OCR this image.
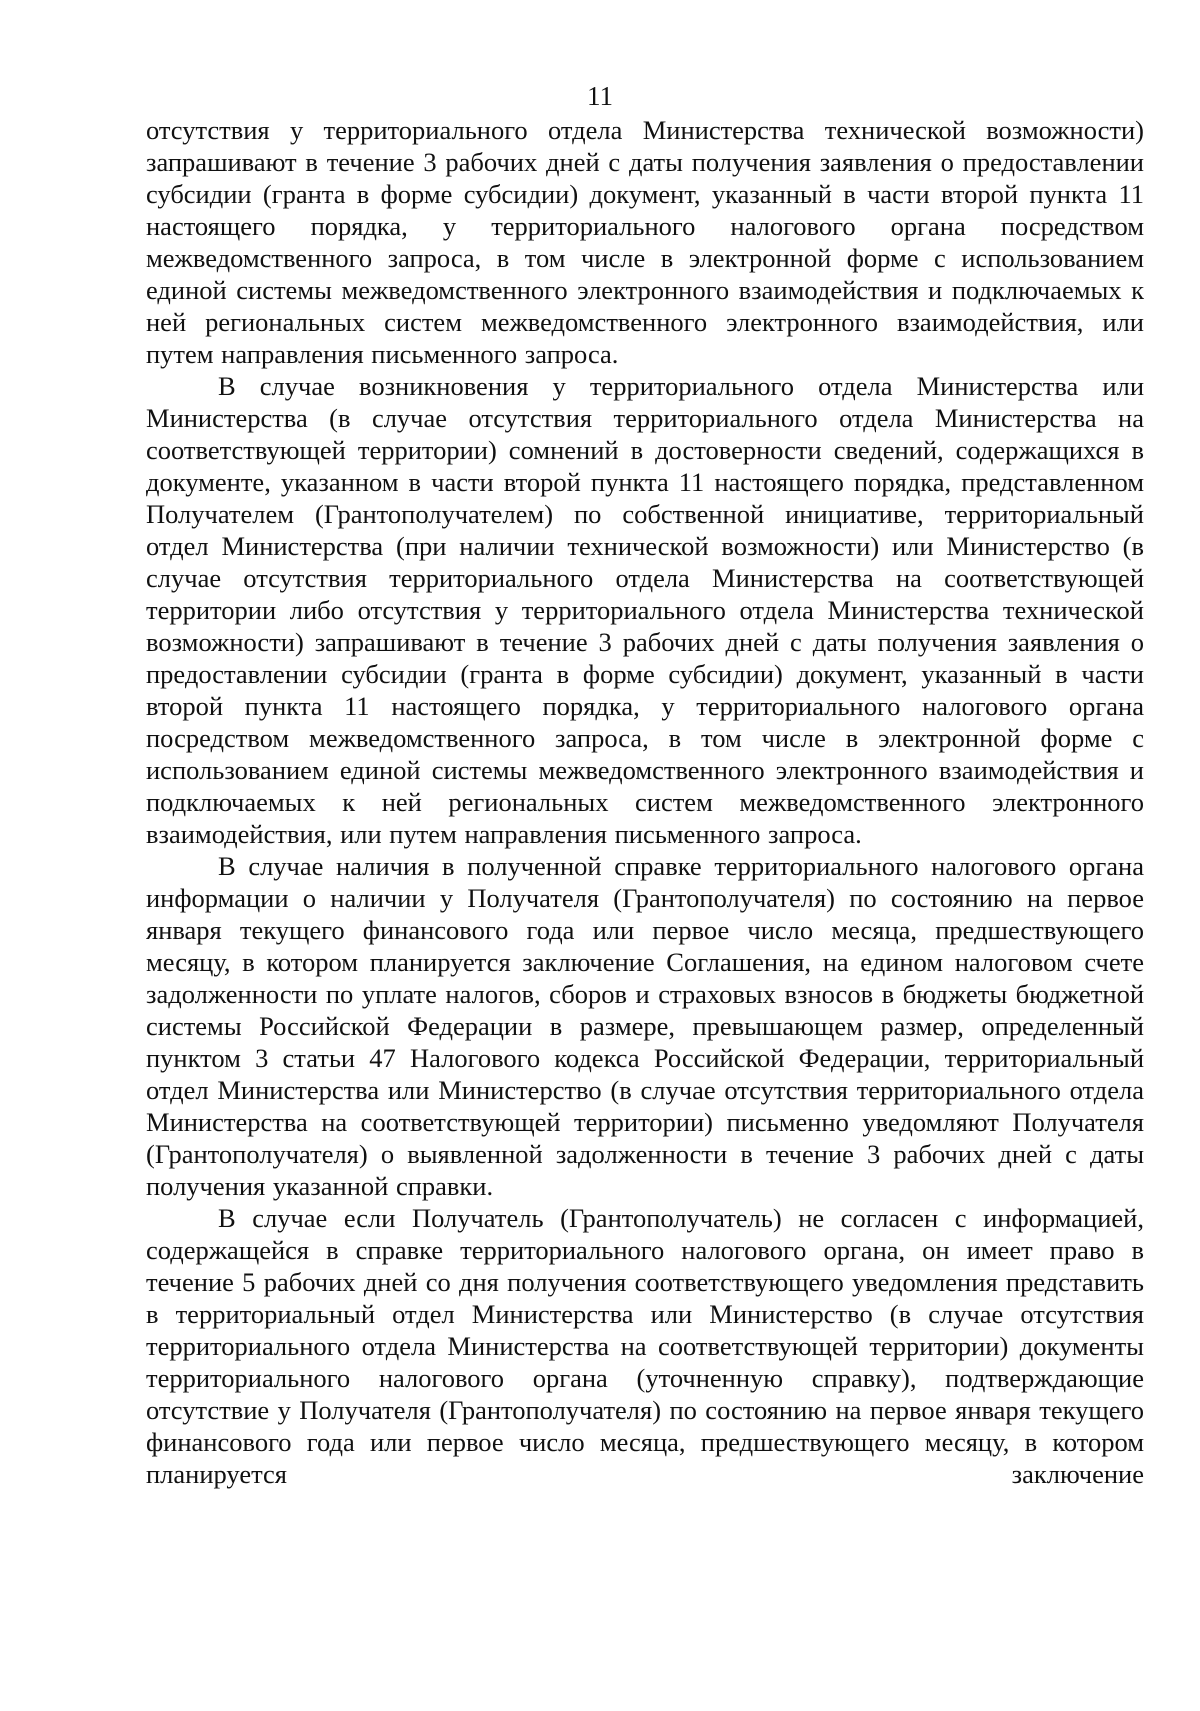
11

отсутствия у территориального отдела Министерства технической возможности) запрашивают в течение 3 рабочих дней с даты получения заявления о предоставлении субсидии (гранта в форме субсидии) документ, указанный в части второй пункта 11 настоящего порядка, у территориального налогового органа посредством межведомственного запроса, в том числе в электронной форме с использованием единой системы межведомственного электронного взаимодействия и подключаемых к ней региональных систем межведомственного электронного взаимодействия, или путем направления письменного запроса.

В случае возникновения у территориального отдела Министерства или Министерства (в случае отсутствия территориального отдела Министерства на соответствующей территории) сомнений в достоверности сведений, содержащихся в документе, указанном в части второй пункта 11 настоящего порядка, представленном Получателем (Грантополучателем) по собственной инициативе, территориальный отдел Министерства (при наличии технической возможности) или Министерство (в случае отсутствия территориального отдела Министерства на соответствующей территории либо отсутствия у территориального отдела Министерства технической возможности) запрашивают в течение 3 рабочих дней с даты получения заявления о предоставлении субсидии (гранта в форме субсидии) документ, указанный в части второй пункта 11 настоящего порядка, у территориального налогового органа посредством межведомственного запроса, в том числе в электронной форме с использованием единой системы межведомственного электронного взаимодействия и подключаемых к ней региональных систем межведомственного электронного взаимодействия, или путем направления письменного запроса.

В случае наличия в полученной справке территориального налогового органа информации о наличии у Получателя (Грантополучателя) по состоянию на первое января текущего финансового года или первое число месяца, предшествующего месяцу, в котором планируется заключение Соглашения, на едином налоговом счете задолженности по уплате налогов, сборов и страховых взносов в бюджеты бюджетной системы Российской Федерации в размере, превышающем размер, определенный пунктом 3 статьи 47 Налогового кодекса Российской Федерации, территориальный отдел Министерства или Министерство (в случае отсутствия территориального отдела Министерства на соответствующей территории) письменно уведомляют Получателя (Грантополучателя) о выявленной задолженности в течение 3 рабочих дней с даты получения указанной справки.

В случае если Получатель (Грантополучатель) не согласен с информацией, содержащейся в справке территориального налогового органа, он имеет право в течение 5 рабочих дней со дня получения соответствующего уведомления представить в территориальный отдел Министерства или Министерство (в случае отсутствия территориального отдела Министерства на соответствующей территории) документы территориального налогового органа (уточненную справку), подтверждающие отсутствие у Получателя (Грантополучателя) по состоянию на первое января текущего финансового года или первое число месяца, предшествующего месяцу, в котором планируется заключение
